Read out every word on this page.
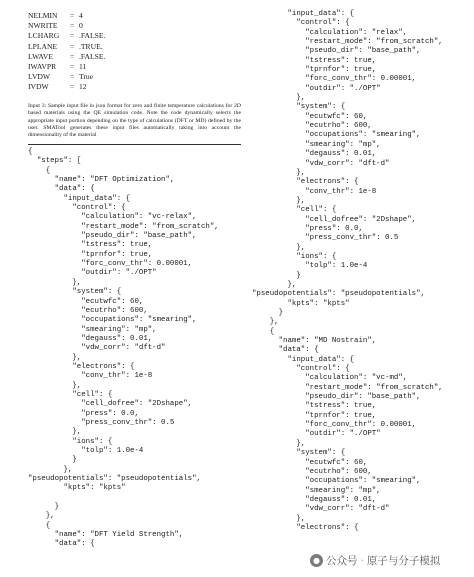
NELMIN	= 4
NWRITE	= 0
LCHARG	= .FALSE.
LPLANE	= .TRUE.
LWAVE	= .FALSE.
IWAVPR	= 11
LVDW	= True
IVDW	= 12

Input 3: Sample input file in json format for zero and finite temperature calculations for 2D based materials using the QE simulation code. Note the code dynamically selects the appropriate input portion depending on the type of calculations (DFT or MD) defined by the user. SMATool generates these input files automatically taking into account the dimensionality of the material

{
"steps": [
{
"name": "DFT Optimization",
"data": {
"input_data": {
"control": {
"calculation": "vc-relax",
"restart_mode": "from_scratch",
"pseudo_dir": "base_path",
"tstress": true,
"tprnfor": true,
"forc_conv_thr": 0.00001,
"outdir": "./OPT"
},
"system": {
"ecutwfc": 60,
"ecutrho": 600,
"occupations": "smearing",
"smearing": "mp",
"degauss": 0.01,
"vdw_corr": "dft-d"
},
"electrons": {
"conv_thr": 1e-8
},
"cell": {
"cell_dofree": "2Dshape",
"press": 0.0,
"press_conv_thr": 0.5
},
"ions": {
"tolp": 1.0e-4
}
},
"pseudopotentials": "pseudopotentials",
"kpts": "kpts"

}
},
{
"name": "DFT Yield Strength",
"data": {
"input_data": {
"control": {
"calculation": "relax",
"restart_mode": "from_scratch",
"pseudo_dir": "base_path",
"tstress": true,
"tprnfor": true,
"forc_conv_thr": 0.00001,
"outdir": "./OPT"
},
"system": {
"ecutwfc": 60,
"ecutrho": 600,
"occupations": "smearing",
"smearing": "mp",
"degauss": 0.01,
"vdw_corr": "dft-d"
},
"electrons": {
"conv_thr": 1e-8
},
"cell": {
"cell_dofree": "2Dshape",
"press": 0.0,
"press_conv_thr": 0.5
},
"ions": {
"tolp": 1.0e-4
}
},
"pseudopotentials": "pseudopotentials",
"kpts": "kpts"
}
},
{
"name": "MD Nostrain",
"data": {
"input_data": {
"control": {
"calculation": "vc-md",
"restart_mode": "from_scratch",
"pseudo_dir": "base_path",
"tstress": true,
"tprnfor": true,
"forc_conv_thr": 0.00001,
"outdir": "./OPT"
},
"system": {
"ecutwfc": 60,
"ecutrho": 600,
"occupations": "smearing",
"smearing": "mp",
"degauss": 0.01,
"vdw_corr": "dft-d"
},
"electrons": {
● 公众号 · 原子与分子模拟
